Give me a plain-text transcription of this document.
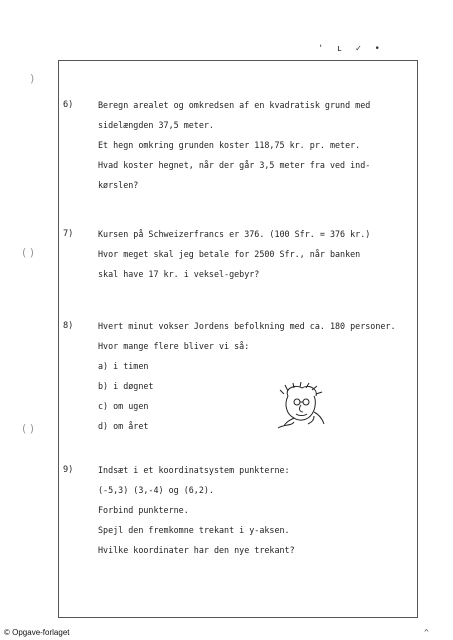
' ʟ ✓ •
)
( )
( )
6)	Beregn arealet og omkredsen af en kvadratisk grund med
sidelængden 37,5 meter.
Et hegn omkring grunden koster 118,75 kr. pr. meter.
Hvad koster hegnet, når der går 3,5 meter fra ved ind-
kørslen?
7)	Kursen på Schweizerfrancs er 376. (100 Sfr. = 376 kr.)
Hvor meget skal jeg betale for 2500 Sfr., når banken
skal have 17 kr. i veksel-gebyr?
8)	Hvert minut vokser Jordens befolkning med ca. 180 personer.
Hvor mange flere bliver vi så:
a) i timen
b) i døgnet
c) om ugen
d) om året
9)	Indsæt i et koordinatsystem punkterne:
(-5,3) (3,-4) og (6,2).
Forbind punkterne.
Spejl den fremkomne trekant i y-aksen.
Hvilke koordinater har den nye trekant?
© Opgave-forlaget	^
